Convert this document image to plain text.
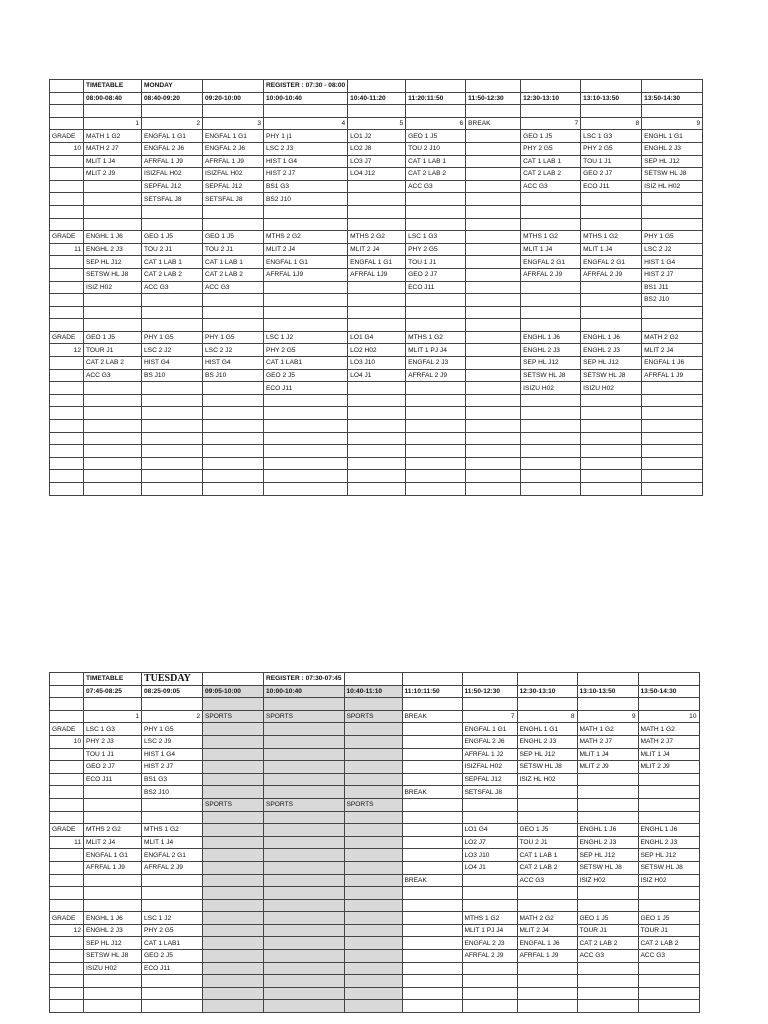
	TIMETABLE	MONDAY		REGISTER : 07:30 - 08:00						
	08:00-08:40	08:40-09:20	09:20-10:00	10:00-10:40	10:40-11:20	11:20:11:50	11:50-12:30	12:30-13:10	13:10-13:50	13:50-14:30

	1	2	3	4	5	6	BREAK	7	8	9
GRADE	MATH 1 G2	ENGFAL 1 G1	ENGFAL 1 G1	PHY 1 j1	LO1 J2	GEO 1 J5		GEO 1 J5	LSC 1 G3	ENGHL 1 G1
10	MATH 2 J7	ENGFAL 2 J6	ENGFAL 2 J6	LSC 2 J3	LO2 J8	TOU 2 J10		PHY 2 G5	PHY 2 G5	ENGHL 2 J3
	MLIT 1 J4	AFRFAL 1 J9	AFRFAL 1 J9	HIST 1 G4	LO3 J7	CAT 1 LAB 1		CAT 1 LAB 1	TOU 1 J1	SEP HL J12
	MLIT 2 J9	ISIZFAL H02	ISIZFAL H02	HIST 2 J7	LO4 J12	CAT 2 LAB 2		CAT 2 LAB 2	GEO 2 J7	SETSW HL J8
		SEPFAL J12	SEPFAL J12	BS1 G3		ACC G3		ACC G3	ECO J11	ISIZ HL H02
		SETSFAL J8	SETSFAL J8	BS2 J10						

GRADE	ENGHL 1 J6	GEO 1 J5	GEO 1 J5	MTHS 2 G2	MTHS 2 G2	LSC 1 G3		MTHS 1 G2	MTHS 1 G2	PHY 1 G5
11	ENGHL 2 J3	TOU 2 J1	TOU 2 J1	MLIT 2 J4	MLIT 2 J4	PHY 2 G5		MLIT 1 J4	MLIT 1 J4	LSC 2 J2
	SEP HL J12	CAT 1 LAB 1	CAT 1 LAB 1	ENGFAL 1 G1	ENGFAL 1 G1	TOU 1 J1		ENGFAL 2 G1	ENGFAL 2 G1	HIST 1 G4
	SETSW HL J8	CAT 2 LAB 2	CAT 2 LAB 2	AFRFAL 1J9	AFRFAL 1J9	GEO 2 J7		AFRFAL 2 J9	AFRFAL 2 J9	HIST 2 J7
	ISIZ H02	ACC G3	ACC G3			ECO J11				BS1 J11
										BS2 J10

GRADE	GEO 1 J5	PHY 1 G5	PHY 1 G5	LSC 1 J2	LO1 G4	MTHS 1 G2		ENGHL 1 J6	ENGHL 1 J6	MATH 2 G2
12	TOUR J1	LSC 2 J2	LSC 2 J2	PHY 2 G5	LO2 H02	MLIT 1 PJ J4		ENGHL 2 J3	ENGHL 2 J3	MLIT 2 J4
	CAT 2 LAB 2	HIST G4	HIST G4	CAT 1 LAB1	LO3 J10	ENGFAL 2 J3		SEP HL J12	SEP HL J12	ENGFAL 1 J6
	ACC G3	BS J10	BS J10	GEO 2 J5	LO4 J1	AFRFAL 2 J9		SETSW HL J8	SETSW HL J8	AFRFAL 1 J9
				ECO J11				ISIZU H02	ISIZU H02	

	TIMETABLE	TUESDAY		REGISTER : 07:30-07:45						
	07:45-08:25	08:25-09:05	09:05-10:00	10:00-10:40	10:40-11:10	11:10:11:50	11:50-12:30	12:30-13:10	13:10-13:50	13:50-14:30

	1	2	SPORTS	SPORTS	SPORTS	BREAK	7	8	9	10
GRADE	LSC 1 G3	PHY 1 G5					ENGFAL 1 G1	ENGHL 1 G1	MATH 1 G2	MATH 1 G2
10	PHY 2 J3	LSC 2 J9					ENGFAL 2 J6	ENGHL 2 J3	MATH 2 J7	MATH 2 J7
	TOU 1 J1	HIST 1 G4					AFRFAL 1 J2	SEP HL J12	MLIT 1 J4	MLIT 1 J4
	GEO 2 J7	HIST 2 J7					ISIZFAL H02	SETSW HL J8	MLIT 2 J9	MLIT 2 J9
	ECO J11	BS1 G3					SEPFAL J12	ISIZ HL H02		
		BS2 J10				BREAK	SETSFAL J8			
			SPORTS	SPORTS	SPORTS					

GRADE	MTHS 2 G2	MTHS 1 G2					LO1 G4	GEO 1 J5	ENGHL 1 J6	ENGHL 1 J6
11	MLIT 2 J4	MLIT 1 J4					LO2 J7	TOU 2 J1	ENGHL 2 J3	ENGHL 2 J3
	ENGFAL 1 G1	ENGFAL 2 G1					LO3 J10	CAT 1 LAB 1	SEP HL J12	SEP HL J12
	AFRFAL 1 J9	AFRFAL 2 J9					LO4 J1	CAT 2 LAB 2	SETSW HL J8	SETSW HL J8
						BREAK		ACC G3	ISIZ H02	ISIZ H02

GRADE	ENGHL 1 J6	LSC 1 J2					MTHS 1 G2	MATH 2 G2	GEO 1 J5	GEO 1 J5
12	ENGHL 2 J3	PHY 2 G5					MLIT 1 PJ J4	MLIT 2 J4	TOUR J1	TOUR J1
	SEP HL J12	CAT 1 LAB1					ENGFAL 2 J3	ENGFAL 1 J6	CAT 2 LAB 2	CAT 2 LAB 2
	SETSW HL J8	GEO 2 J5					AFRFAL 2 J9	AFRFAL 1 J9	ACC G3	ACC G3
	ISIZU H02	ECO J11								
